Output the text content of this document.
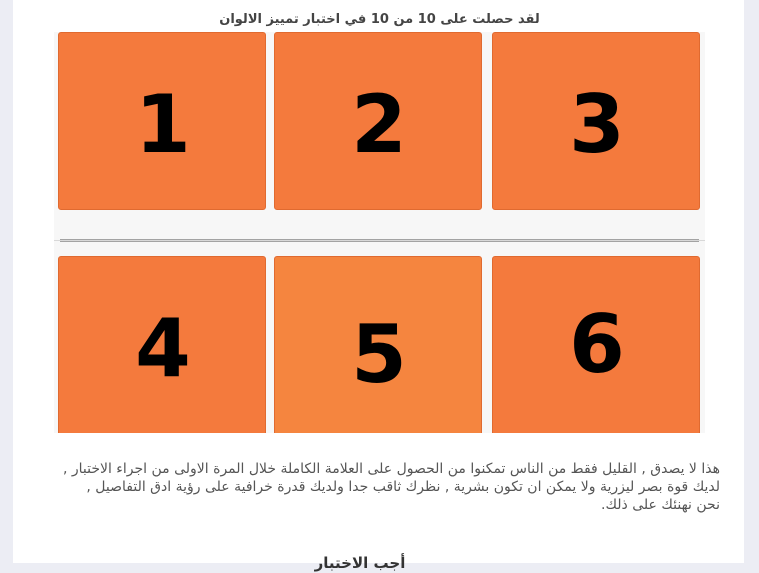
لقد حصلت على 10 من 10 في اختبار تمييز الالوان
1	2	3
4	5	6

هذا لا يصدق , القليل فقط من الناس تمكنوا من الحصول على العلامة الكاملة خلال المرة الاولى من اجراء الاختبار , لديك قوة بصر ليزرية ولا يمكن ان تكون بشرية , نظرك ثاقب جدا ولديك قدرة خرافية على رؤية ادق التفاصيل , نحن نهنئك على ذلك.

أجب الاختبار
